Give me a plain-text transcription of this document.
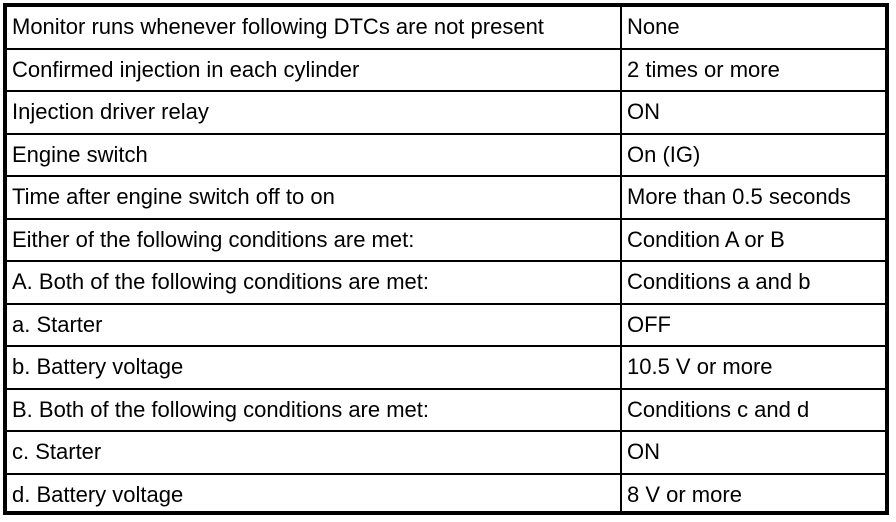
Monitor runs whenever following DTCs are not present	None
Confirmed injection in each cylinder	2 times or more
Injection driver relay	ON
Engine switch	On (IG)
Time after engine switch off to on	More than 0.5 seconds
Either of the following conditions are met:	Condition A or B
A. Both of the following conditions are met:	Conditions a and b
a. Starter	OFF
b. Battery voltage	10.5 V or more
B. Both of the following conditions are met:	Conditions c and d
c. Starter	ON
d. Battery voltage	8 V or more
